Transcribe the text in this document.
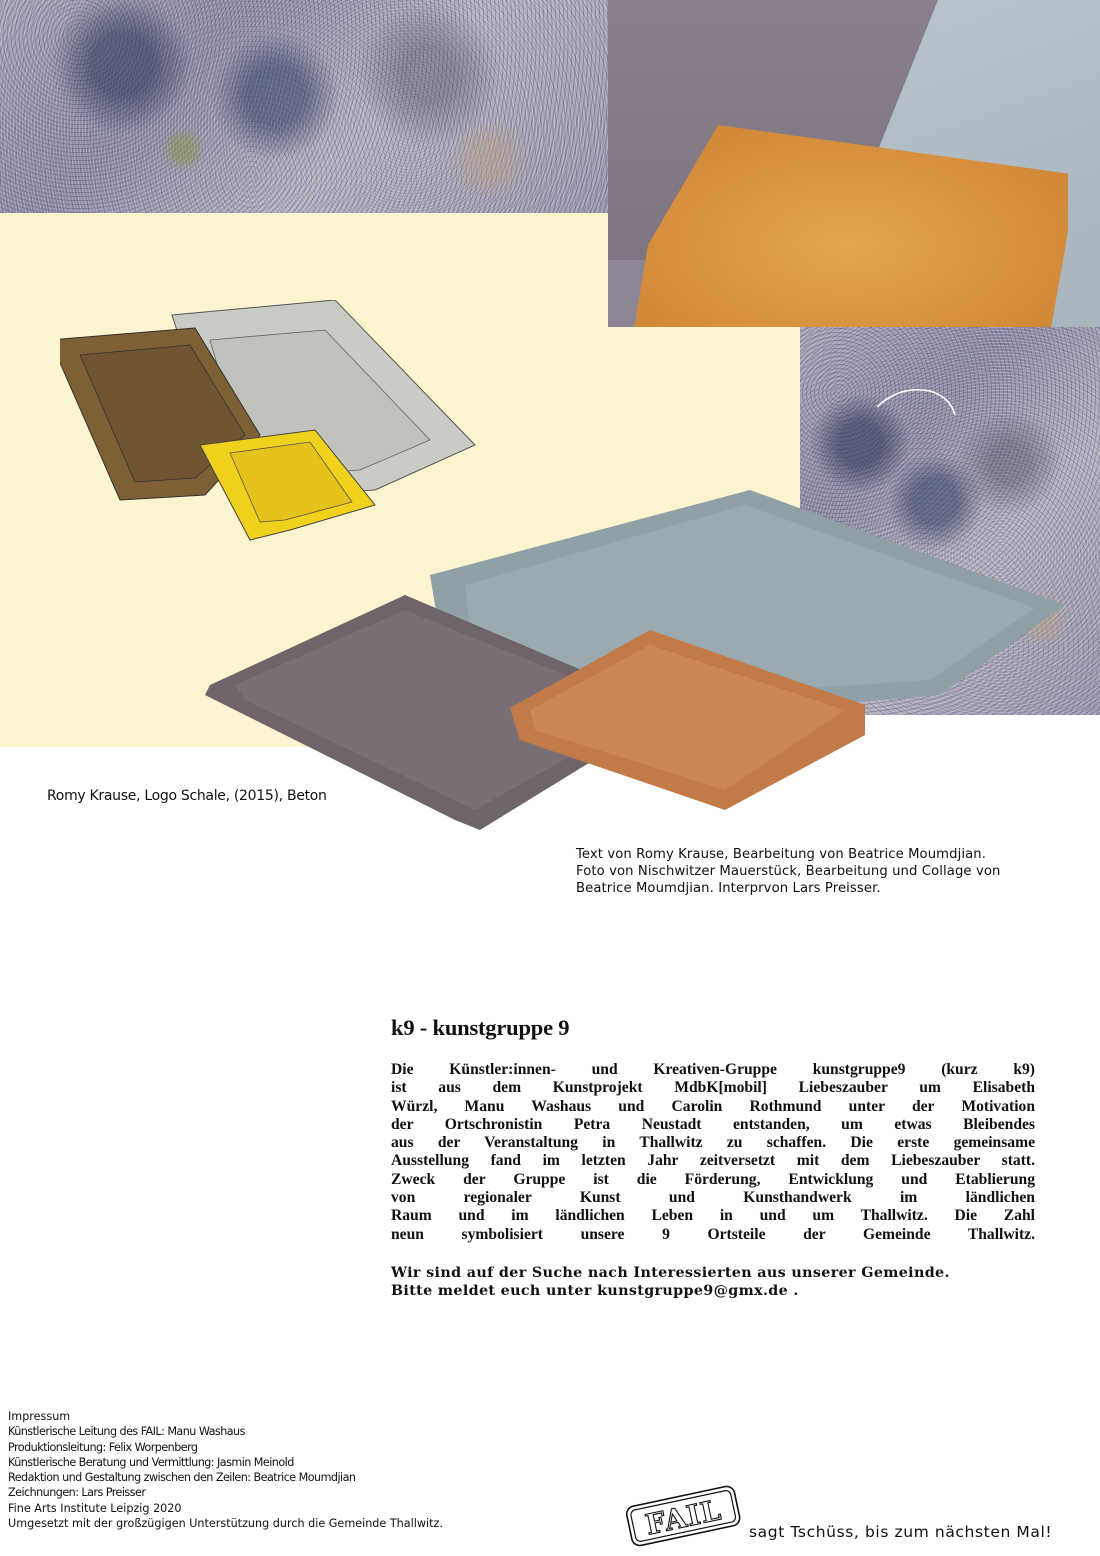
Romy Krause, Logo Schale, (2015), Beton
Text von Romy Krause, Bearbeitung von Beatrice Moumdjian.
Foto von Nischwitzer Mauerstück, Bearbeitung und Collage von
Beatrice Moumdjian. Interprvon Lars Preisser.
k9 - kunstgruppe 9

Die Künstler:innen- und Kreativen-Gruppe kunstgruppe9 (kurz k9)
ist aus dem Kunstprojekt MdbK[mobil] Liebeszauber um Elisabeth
Würzl, Manu Washaus und Carolin Rothmund unter der Motivation
der Ortschronistin Petra Neustadt entstanden, um etwas Bleibendes
aus der Veranstaltung in Thallwitz zu schaffen. Die erste gemeinsame
Ausstellung fand im letzten Jahr zeitversetzt mit dem Liebeszauber statt.
Zweck der Gruppe ist die Förderung, Entwicklung und Etablierung
von regionaler Kunst und Kunsthandwerk im ländlichen
Raum und im ländlichen Leben in und um Thallwitz. Die Zahl
neun symbolisiert unsere 9 Ortsteile der Gemeinde Thallwitz.

Wir sind auf der Suche nach Interessierten aus unserer Gemeinde.
Bitte meldet euch unter kunstgruppe9@gmx.de .
Impressum
Künstlerische Leitung des FAIL: Manu Washaus
Produktionsleitung: Felix Worpenberg
Künstlerische Beratung und Vermittlung: Jasmin Meinold
Redaktion und Gestaltung zwischen den Zeilen: Beatrice Moumdjian
Zeichnungen: Lars Preisser
Fine Arts Institute Leipzig 2020
Umgesetzt mit der großzügigen Unterstützung durch die Gemeinde Thallwitz.	FAIL sagt Tschüss, bis zum nächsten Mal!
